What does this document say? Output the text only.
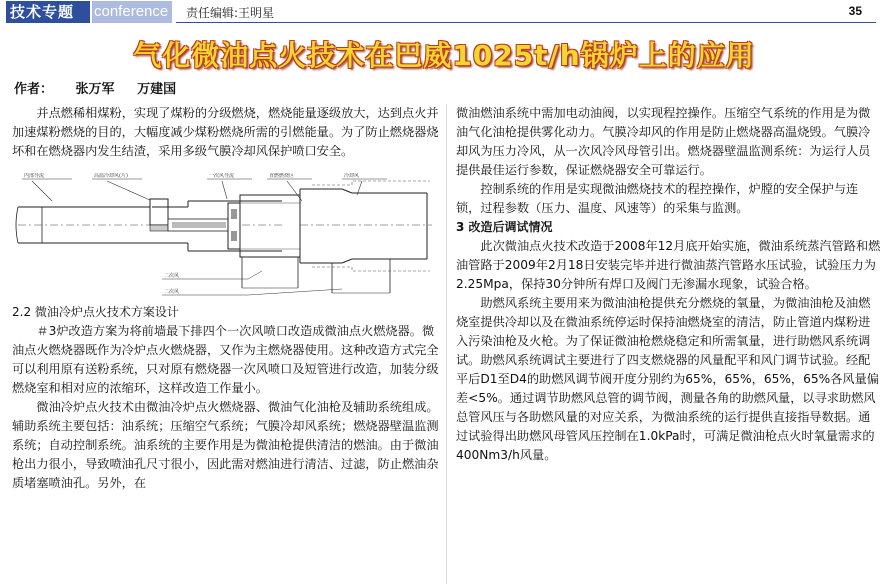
技术专题	conference	责任编辑:王明星	35
气化微油点火技术在巴威1025t/h锅炉上的应用
作者： 张万军 万建国

并点燃稀相煤粉，实现了煤粉的分级燃烧，燃烧能量逐级放大，达到点火并加速煤粉燃烧的目的，大幅度减少煤粉燃烧所需的引燃能量。为了防止燃烧器烧坏和在燃烧器内发生结渣，采用多级气膜冷却风保护喷口安全。

内部导流	高温冷却风(片)	一次风导流	直燃燃烧区	冷却风
二次风
二次风
2.2 微油冷炉点火技术方案设计

＃3炉改造方案为将前墙最下排四个一次风喷口改造成微油点火燃烧器。微油点火燃烧器既作为冷炉点火燃烧器，又作为主燃烧器使用。这种改造方式完全可以利用原有送粉系统，只对原有燃烧器一次风喷口及短管进行改造，加装分级燃烧室和相对应的浓缩环，这样改造工作量小。

微油冷炉点火技术由微油冷炉点火燃烧器、微油气化油枪及辅助系统组成。辅助系统主要包括：油系统；压缩空气系统；气膜冷却风系统；燃烧器壁温监测系统；自动控制系统。油系统的主要作用是为微油枪提供清洁的燃油。由于微油枪出力很小，导致喷油孔尺寸很小，因此需对燃油进行清洁、过滤，防止燃油杂质堵塞喷油孔。另外，在

微油燃油系统中需加电动油阀，以实现程控操作。压缩空气系统的作用是为微油气化油枪提供雾化动力。气膜冷却风的作用是防止燃烧器高温烧毁。气膜冷却风为压力冷风，从一次风冷风母管引出。燃烧器壁温监测系统：为运行人员提供最佳运行参数，保证燃烧器安全可靠运行。

控制系统的作用是实现微油燃烧技术的程控操作，炉膛的安全保护与连锁，过程参数（压力、温度、风速等）的采集与监测。

3 改造后调试情况

此次微油点火技术改造于2008年12月底开始实施，微油系统蒸汽管路和燃油管路于2009年2月18日安装完毕并进行微油蒸汽管路水压试验，试验压力为2.25Mpa，保持30分钟所有焊口及阀门无渗漏水现象，试验合格。

助燃风系统主要用来为微油油枪提供充分燃烧的氧量，为微油油枪及油燃烧室提供冷却以及在微油系统停运时保持油燃烧室的清洁，防止管道内煤粉进入污染油枪及火枪。为了保证微油枪燃烧稳定和所需氧量，进行助燃风系统调试。助燃风系统调试主要进行了四支燃烧器的风量配平和风门调节试验。经配平后D1至D4的助燃风调节阀开度分别约为65%，65%，65%，65%各风量偏差<5%。通过调节助燃风总管的调节阀，测量各角的助燃风量，以寻求助燃风总管风压与各助燃风量的对应关系，为微油系统的运行提供直接指导数据。通过试验得出助燃风母管风压控制在1.0kPa时，可满足微油枪点火时氧量需求的400Nm3/h风量。
